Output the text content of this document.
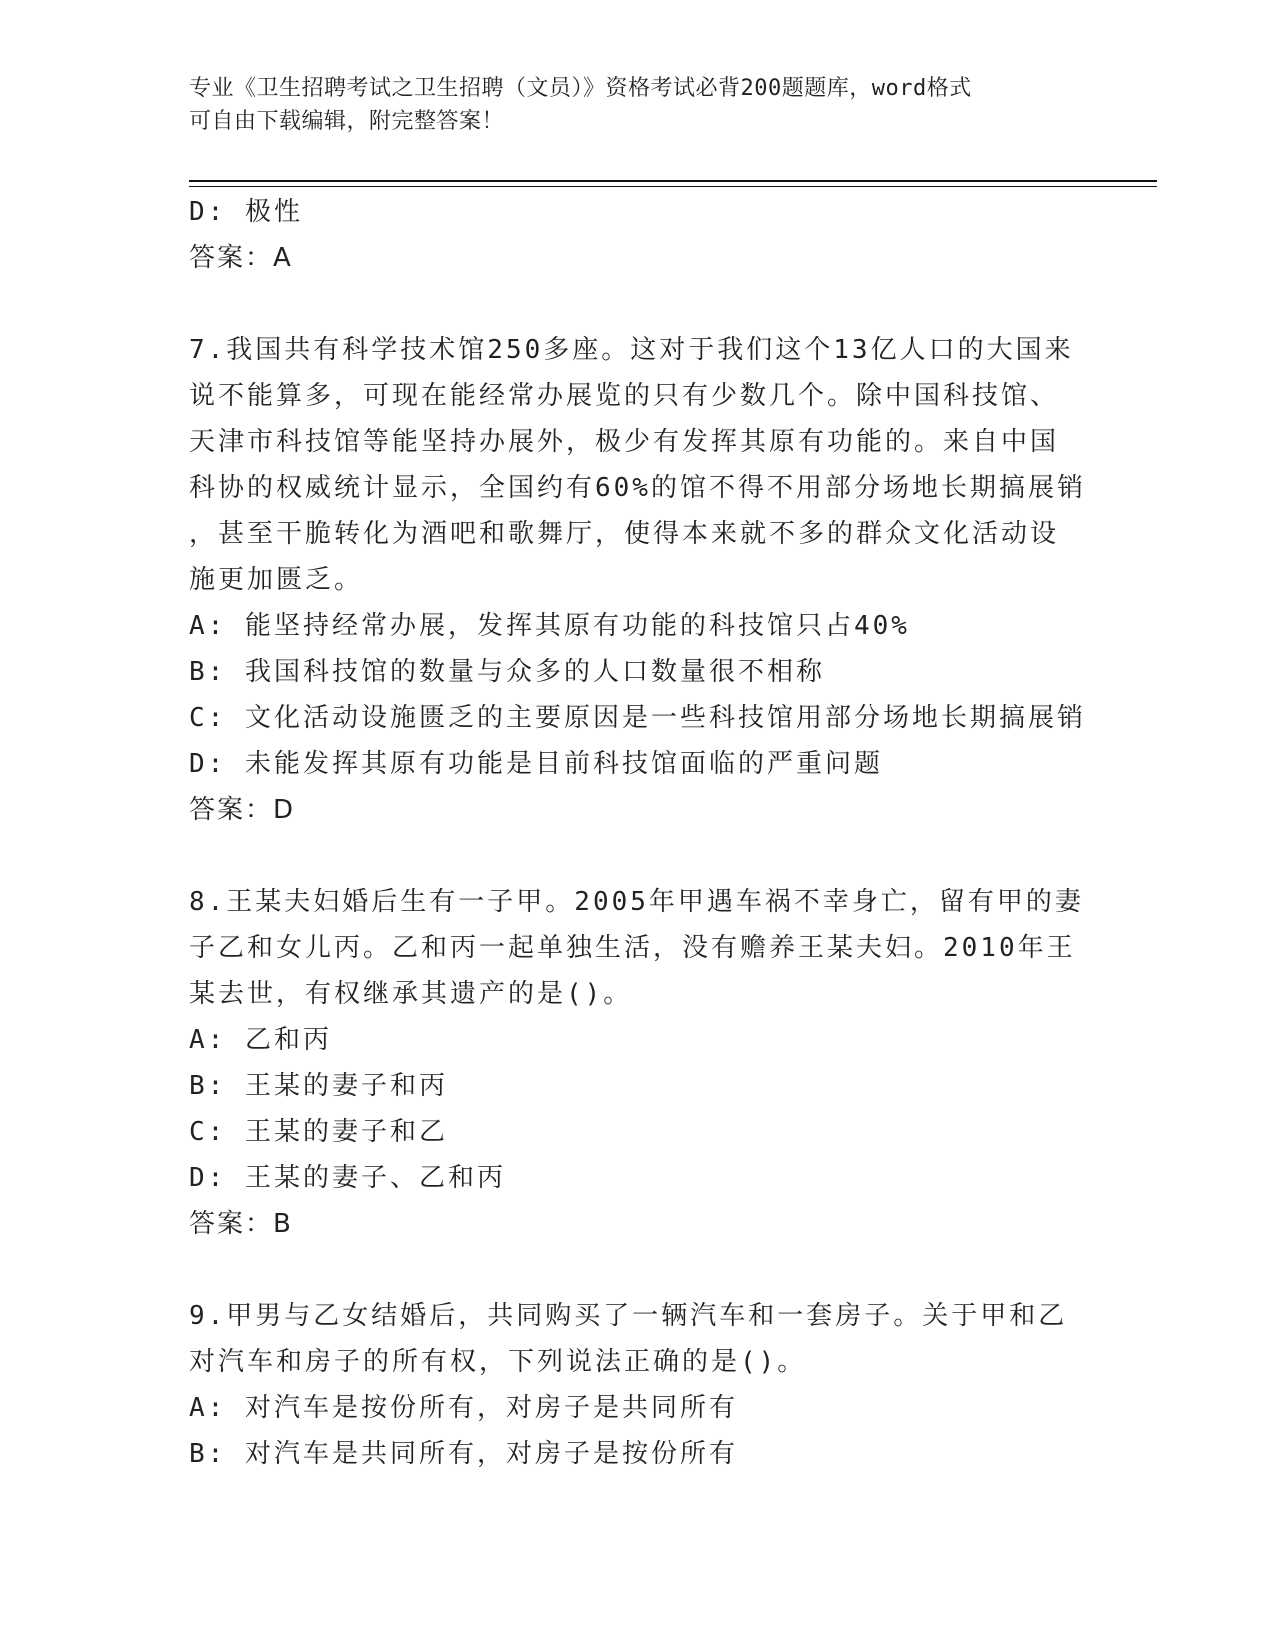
专业《卫生招聘考试之卫生招聘（文员）》资格考试必背200题题库，word格式
可自由下载编辑，附完整答案！
D: 极性
答案：A
7.我国共有科学技术馆250多座。这对于我们这个13亿人口的大国来
说不能算多，可现在能经常办展览的只有少数几个。除中国科技馆、
天津市科技馆等能坚持办展外，极少有发挥其原有功能的。来自中国
科协的权威统计显示，全国约有60%的馆不得不用部分场地长期搞展销
，甚至干脆转化为酒吧和歌舞厅，使得本来就不多的群众文化活动设
施更加匮乏。
A: 能坚持经常办展，发挥其原有功能的科技馆只占40%
B: 我国科技馆的数量与众多的人口数量很不相称
C: 文化活动设施匮乏的主要原因是一些科技馆用部分场地长期搞展销
D: 未能发挥其原有功能是目前科技馆面临的严重问题
答案：D
8.王某夫妇婚后生有一子甲。2005年甲遇车祸不幸身亡，留有甲的妻
子乙和女儿丙。乙和丙一起单独生活，没有赡养王某夫妇。2010年王
某去世，有权继承其遗产的是()。
A: 乙和丙
B: 王某的妻子和丙
C: 王某的妻子和乙
D: 王某的妻子、乙和丙
答案：B
9.甲男与乙女结婚后，共同购买了一辆汽车和一套房子。关于甲和乙
对汽车和房子的所有权，下列说法正确的是()。
A: 对汽车是按份所有，对房子是共同所有
B: 对汽车是共同所有，对房子是按份所有
